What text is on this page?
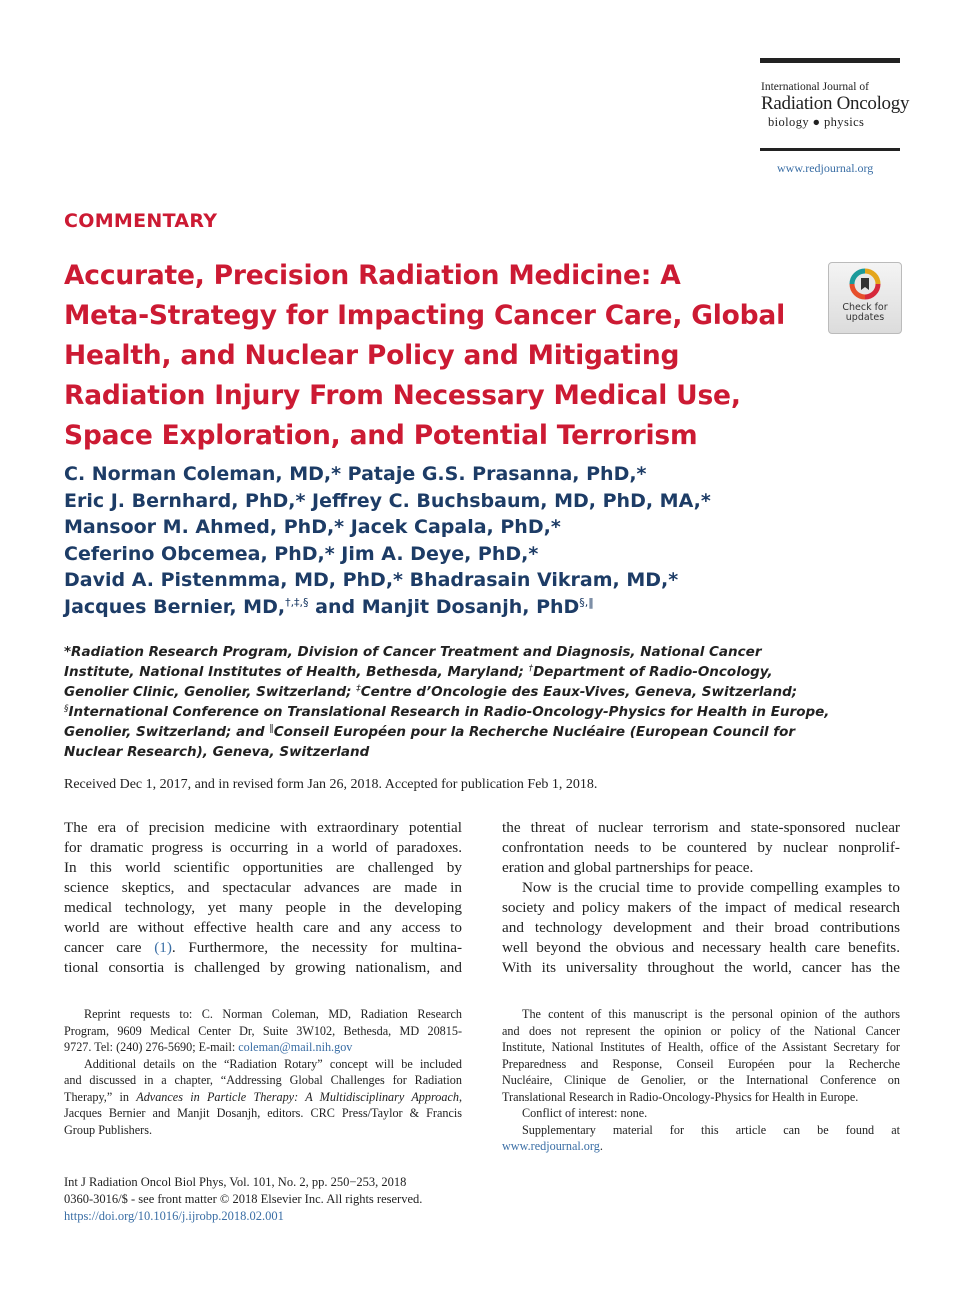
International Journal of
Radiation Oncology
biology ● physics
www.redjournal.org
COMMENTARY
Accurate, Precision Radiation Medicine: A
Meta-Strategy for Impacting Cancer Care, Global
Health, and Nuclear Policy and Mitigating
Radiation Injury From Necessary Medical Use,
Space Exploration, and Potential Terrorism
Check for
updates
C. Norman Coleman, MD,* Pataje G.S. Prasanna, PhD,*
Eric J. Bernhard, PhD,* Jeffrey C. Buchsbaum, MD, PhD, MA,*
Mansoor M. Ahmed, PhD,* Jacek Capala, PhD,*
Ceferino Obcemea, PhD,* Jim A. Deye, PhD,*
David A. Pistenmma, MD, PhD,* Bhadrasain Vikram, MD,*
Jacques Bernier, MD,†,‡,§ and Manjit Dosanjh, PhD§,‖
*Radiation Research Program, Division of Cancer Treatment and Diagnosis, National Cancer
Institute, National Institutes of Health, Bethesda, Maryland; †Department of Radio-Oncology,
Genolier Clinic, Genolier, Switzerland; ‡Centre d’Oncologie des Eaux-Vives, Geneva, Switzerland;
§International Conference on Translational Research in Radio-Oncology-Physics for Health in Europe,
Genolier, Switzerland; and ‖Conseil Européen pour la Recherche Nucléaire (European Council for
Nuclear Research), Geneva, Switzerland
Received Dec 1, 2017, and in revised form Jan 26, 2018. Accepted for publication Feb 1, 2018.

The era of precision medicine with extraordinary potential
for dramatic progress is occurring in a world of paradoxes.
In this world scientific opportunities are challenged by
science skeptics, and spectacular advances are made in
medical technology, yet many people in the developing
world are without effective health care and any access to
cancer care (1). Furthermore, the necessity for multina-
tional consortia is challenged by growing nationalism, and

the threat of nuclear terrorism and state-sponsored nuclear
confrontation needs to be countered by nuclear nonprolif-
eration and global partnerships for peace.

Now is the crucial time to provide compelling examples to
society and policy makers of the impact of medical research
and technology development and their broad contributions
well beyond the obvious and necessary health care benefits.
With its universality throughout the world, cancer has the

Reprint requests to: C. Norman Coleman, MD, Radiation Research
Program, 9609 Medical Center Dr, Suite 3W102, Bethesda, MD 20815-
9727. Tel: (240) 276-5690; E-mail: coleman@mail.nih.gov
Additional details on the “Radiation Rotary” concept will be included
and discussed in a chapter, “Addressing Global Challenges for Radiation
Therapy,” in Advances in Particle Therapy: A Multidisciplinary Approach,
Jacques Bernier and Manjit Dosanjh, editors. CRC Press/Taylor & Francis
Group Publishers.
The content of this manuscript is the personal opinion of the authors
and does not represent the opinion or policy of the National Cancer
Institute, National Institutes of Health, office of the Assistant Secretary for
Preparedness and Response, Conseil Européen pour la Recherche
Nucléaire, Clinique de Genolier, or the International Conference on
Translational Research in Radio-Oncology-Physics for Health in Europe.
Conflict of interest: none.
Supplementary material for this article can be found at
www.redjournal.org.
Int J Radiation Oncol Biol Phys, Vol. 101, No. 2, pp. 250−253, 2018
0360-3016/$ - see front matter © 2018 Elsevier Inc. All rights reserved.
https://doi.org/10.1016/j.ijrobp.2018.02.001
